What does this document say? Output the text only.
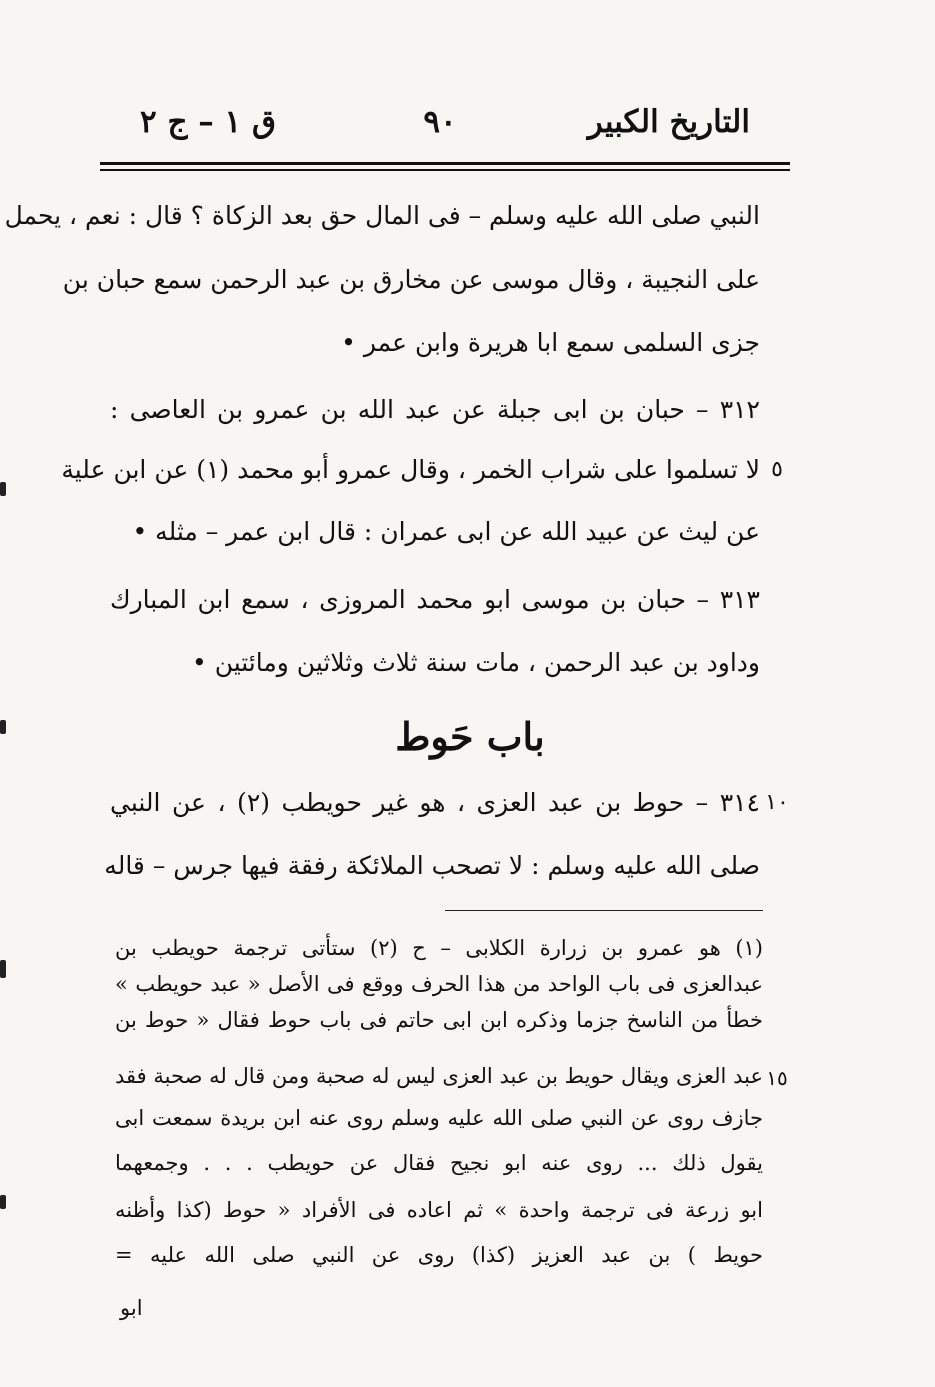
التاريخ الكبير
٩٠
ق ١ – ج ٢
النبي صلى الله عليه وسلم – فى المال حق بعد الزكاة ؟ قال : نعم ، يحمل
على النجيبة ، وقال موسى عن مخارق بن عبد الرحمن سمع حبان بن
جزى السلمى سمع ابا هريرة وابن عمر •
٣١٢ – حبان بن ابى جبلة عن عبد الله بن عمرو بن العاصى :
٥
لا تسلموا على شراب الخمر ، وقال عمرو أبو محمد (١) عن ابن علية
عن ليث عن عبيد الله عن ابى عمران : قال ابن عمر – مثله •
٣١٣ – حبان بن موسى ابو محمد المروزى ، سمع ابن المبارك
وداود بن عبد الرحمن ، مات سنة ثلاث وثلاثين ومائتين •
باب حَوط
١٠
٣١٤ – حوط بن عبد العزى ، هو غير حويطب (٢) ، عن النبي
صلى الله عليه وسلم : لا تصحب الملائكة رفقة فيها جرس – قاله
(١) هو عمرو بن زرارة الكلابى – ح (٢) ستأتى ترجمة حويطب بن
عبدالعزى فى باب الواحد من هذا الحرف ووقع فى الأصل « عبد حويطب »
خطأ من الناسخ جزما وذكره ابن ابى حاتم فى باب حوط فقال « حوط بن
١٥
عبد العزى ويقال حويط بن عبد العزى ليس له صحبة ومن قال له صحبة فقد
جازف روى عن النبي صلى الله عليه وسلم روى عنه ابن بريدة سمعت ابى
يقول ذلك ... روى عنه ابو نجيح فقال عن حويطب . . . وجمعهما
ابو زرعة فى ترجمة واحدة » ثم اعاده فى الأفراد « حوط (كذا وأظنه
حويط ) بن عبد العزيز (كذا) روى عن النبي صلى الله عليه =
ابو
